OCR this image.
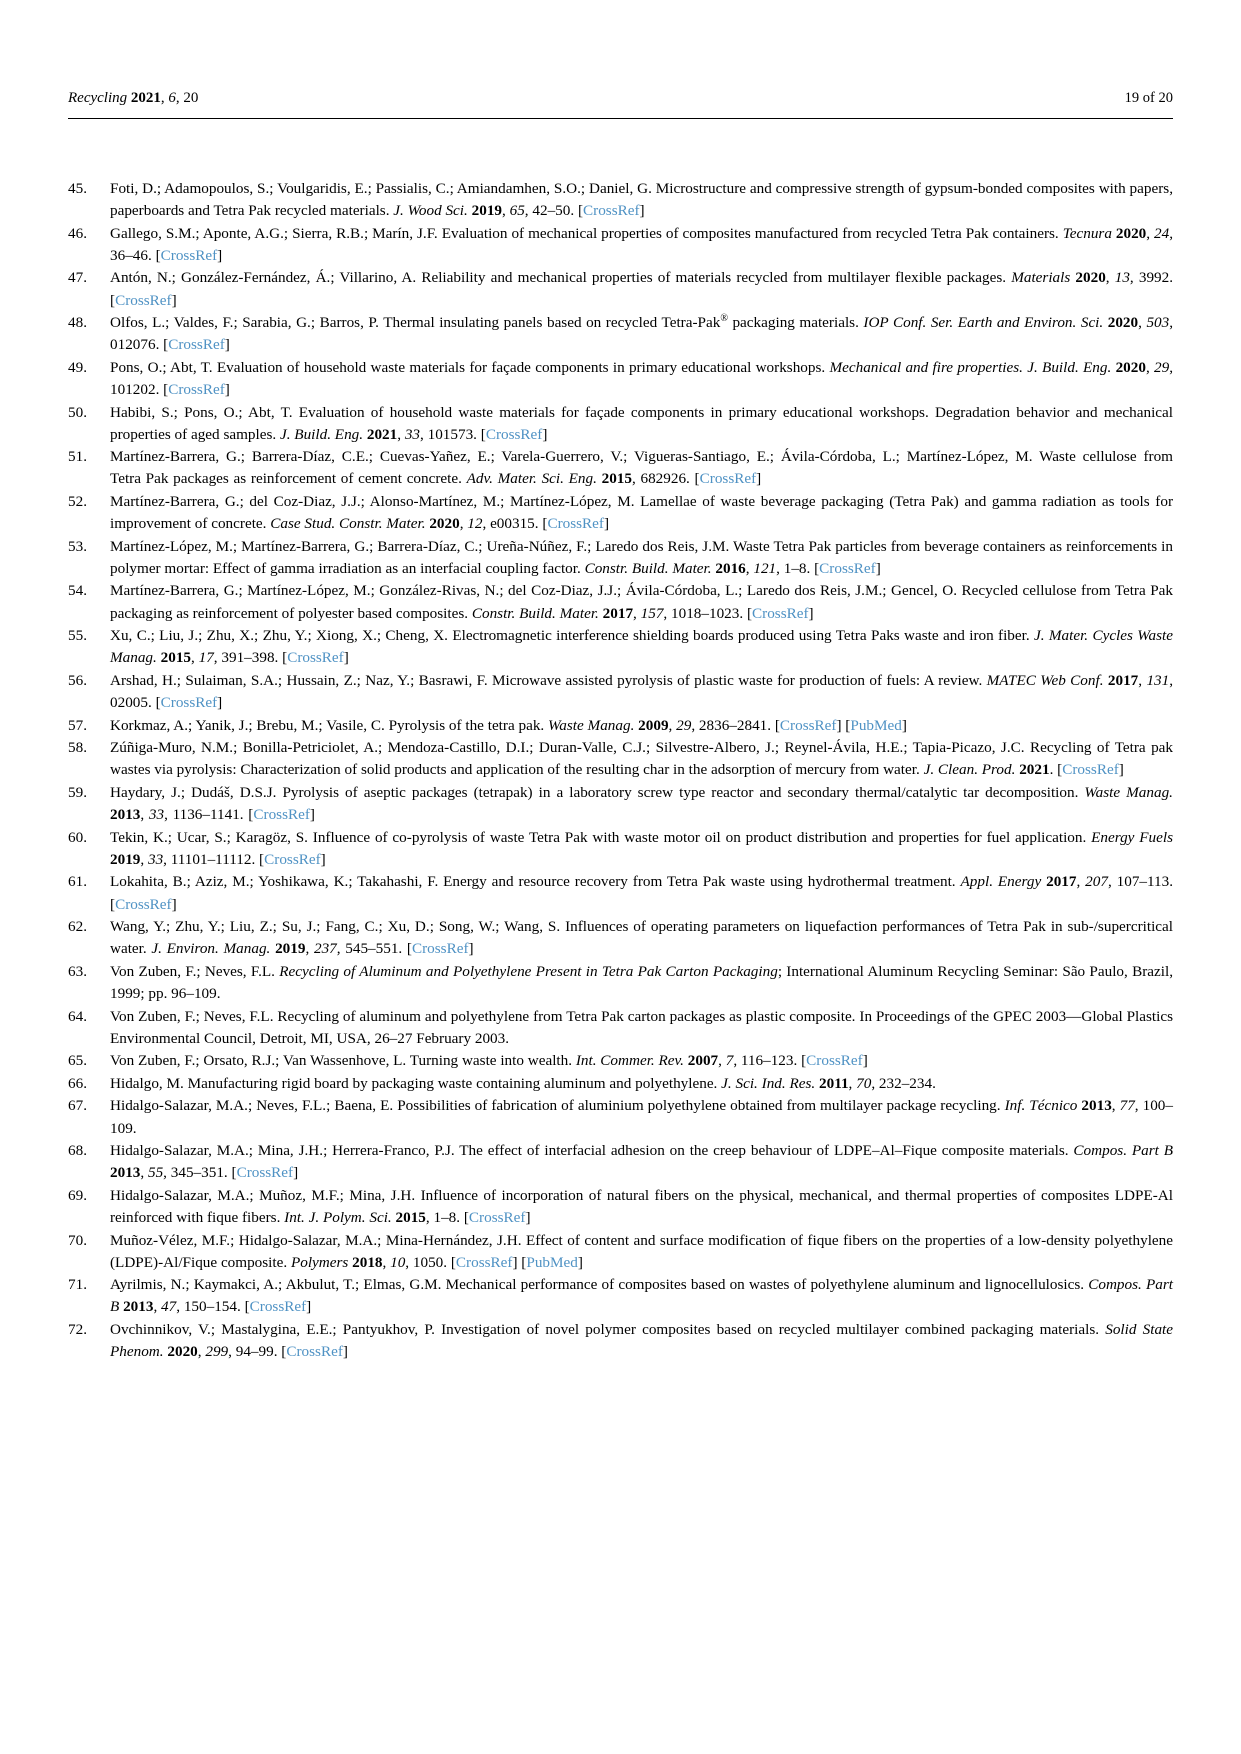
Recycling 2021, 6, 20	19 of 20
45.	Foti, D.; Adamopoulos, S.; Voulgaridis, E.; Passialis, C.; Amiandamhen, S.O.; Daniel, G. Microstructure and compressive strength of gypsum-bonded composites with papers, paperboards and Tetra Pak recycled materials. J. Wood Sci. 2019, 65, 42–50. [CrossRef]
46.	Gallego, S.M.; Aponte, A.G.; Sierra, R.B.; Marín, J.F. Evaluation of mechanical properties of composites manufactured from recycled Tetra Pak containers. Tecnura 2020, 24, 36–46. [CrossRef]
47.	Antón, N.; González-Fernández, Á.; Villarino, A. Reliability and mechanical properties of materials recycled from multilayer flexible packages. Materials 2020, 13, 3992. [CrossRef]
48.	Olfos, L.; Valdes, F.; Sarabia, G.; Barros, P. Thermal insulating panels based on recycled Tetra-Pak® packaging materials. IOP Conf. Ser. Earth and Environ. Sci. 2020, 503, 012076. [CrossRef]
49.	Pons, O.; Abt, T. Evaluation of household waste materials for façade components in primary educational workshops. Mechanical and fire properties. J. Build. Eng. 2020, 29, 101202. [CrossRef]
50.	Habibi, S.; Pons, O.; Abt, T. Evaluation of household waste materials for façade components in primary educational workshops. Degradation behavior and mechanical properties of aged samples. J. Build. Eng. 2021, 33, 101573. [CrossRef]
51.	Martínez-Barrera, G.; Barrera-Díaz, C.E.; Cuevas-Yañez, E.; Varela-Guerrero, V.; Vigueras-Santiago, E.; Ávila-Córdoba, L.; Martínez-López, M. Waste cellulose from Tetra Pak packages as reinforcement of cement concrete. Adv. Mater. Sci. Eng. 2015, 682926. [CrossRef]
52.	Martínez-Barrera, G.; del Coz-Diaz, J.J.; Alonso-Martínez, M.; Martínez-López, M. Lamellae of waste beverage packaging (Tetra Pak) and gamma radiation as tools for improvement of concrete. Case Stud. Constr. Mater. 2020, 12, e00315. [CrossRef]
53.	Martínez-López, M.; Martínez-Barrera, G.; Barrera-Díaz, C.; Ureña-Núñez, F.; Laredo dos Reis, J.M. Waste Tetra Pak particles from beverage containers as reinforcements in polymer mortar: Effect of gamma irradiation as an interfacial coupling factor. Constr. Build. Mater. 2016, 121, 1–8. [CrossRef]
54.	Martínez-Barrera, G.; Martínez-López, M.; González-Rivas, N.; del Coz-Diaz, J.J.; Ávila-Córdoba, L.; Laredo dos Reis, J.M.; Gencel, O. Recycled cellulose from Tetra Pak packaging as reinforcement of polyester based composites. Constr. Build. Mater. 2017, 157, 1018–1023. [CrossRef]
55.	Xu, C.; Liu, J.; Zhu, X.; Zhu, Y.; Xiong, X.; Cheng, X. Electromagnetic interference shielding boards produced using Tetra Paks waste and iron fiber. J. Mater. Cycles Waste Manag. 2015, 17, 391–398. [CrossRef]
56.	Arshad, H.; Sulaiman, S.A.; Hussain, Z.; Naz, Y.; Basrawi, F. Microwave assisted pyrolysis of plastic waste for production of fuels: A review. MATEC Web Conf. 2017, 131, 02005. [CrossRef]
57.	Korkmaz, A.; Yanik, J.; Brebu, M.; Vasile, C. Pyrolysis of the tetra pak. Waste Manag. 2009, 29, 2836–2841. [CrossRef] [PubMed]
58.	Zúñiga-Muro, N.M.; Bonilla-Petriciolet, A.; Mendoza-Castillo, D.I.; Duran-Valle, C.J.; Silvestre-Albero, J.; Reynel-Ávila, H.E.; Tapia-Picazo, J.C. Recycling of Tetra pak wastes via pyrolysis: Characterization of solid products and application of the resulting char in the adsorption of mercury from water. J. Clean. Prod. 2021. [CrossRef]
59.	Haydary, J.; Dudáš, D.S.J. Pyrolysis of aseptic packages (tetrapak) in a laboratory screw type reactor and secondary thermal/catalytic tar decomposition. Waste Manag. 2013, 33, 1136–1141. [CrossRef]
60.	Tekin, K.; Ucar, S.; Karagöz, S. Influence of co-pyrolysis of waste Tetra Pak with waste motor oil on product distribution and properties for fuel application. Energy Fuels 2019, 33, 11101–11112. [CrossRef]
61.	Lokahita, B.; Aziz, M.; Yoshikawa, K.; Takahashi, F. Energy and resource recovery from Tetra Pak waste using hydrothermal treatment. Appl. Energy 2017, 207, 107–113. [CrossRef]
62.	Wang, Y.; Zhu, Y.; Liu, Z.; Su, J.; Fang, C.; Xu, D.; Song, W.; Wang, S. Influences of operating parameters on liquefaction performances of Tetra Pak in sub-/supercritical water. J. Environ. Manag. 2019, 237, 545–551. [CrossRef]
63.	Von Zuben, F.; Neves, F.L. Recycling of Aluminum and Polyethylene Present in Tetra Pak Carton Packaging; International Aluminum Recycling Seminar: São Paulo, Brazil, 1999; pp. 96–109.
64.	Von Zuben, F.; Neves, F.L. Recycling of aluminum and polyethylene from Tetra Pak carton packages as plastic composite. In Proceedings of the GPEC 2003—Global Plastics Environmental Council, Detroit, MI, USA, 26–27 February 2003.
65.	Von Zuben, F.; Orsato, R.J.; Van Wassenhove, L. Turning waste into wealth. Int. Commer. Rev. 2007, 7, 116–123. [CrossRef]
66.	Hidalgo, M. Manufacturing rigid board by packaging waste containing aluminum and polyethylene. J. Sci. Ind. Res. 2011, 70, 232–234.
67.	Hidalgo-Salazar, M.A.; Neves, F.L.; Baena, E. Possibilities of fabrication of aluminium polyethylene obtained from multilayer package recycling. Inf. Técnico 2013, 77, 100–109.
68.	Hidalgo-Salazar, M.A.; Mina, J.H.; Herrera-Franco, P.J. The effect of interfacial adhesion on the creep behaviour of LDPE–Al–Fique composite materials. Compos. Part B 2013, 55, 345–351. [CrossRef]
69.	Hidalgo-Salazar, M.A.; Muñoz, M.F.; Mina, J.H. Influence of incorporation of natural fibers on the physical, mechanical, and thermal properties of composites LDPE-Al reinforced with fique fibers. Int. J. Polym. Sci. 2015, 1–8. [CrossRef]
70.	Muñoz-Vélez, M.F.; Hidalgo-Salazar, M.A.; Mina-Hernández, J.H. Effect of content and surface modification of fique fibers on the properties of a low-density polyethylene (LDPE)-Al/Fique composite. Polymers 2018, 10, 1050. [CrossRef] [PubMed]
71.	Ayrilmis, N.; Kaymakci, A.; Akbulut, T.; Elmas, G.M. Mechanical performance of composites based on wastes of polyethylene aluminum and lignocellulosics. Compos. Part B 2013, 47, 150–154. [CrossRef]
72.	Ovchinnikov, V.; Mastalygina, E.E.; Pantyukhov, P. Investigation of novel polymer composites based on recycled multilayer combined packaging materials. Solid State Phenom. 2020, 299, 94–99. [CrossRef]
